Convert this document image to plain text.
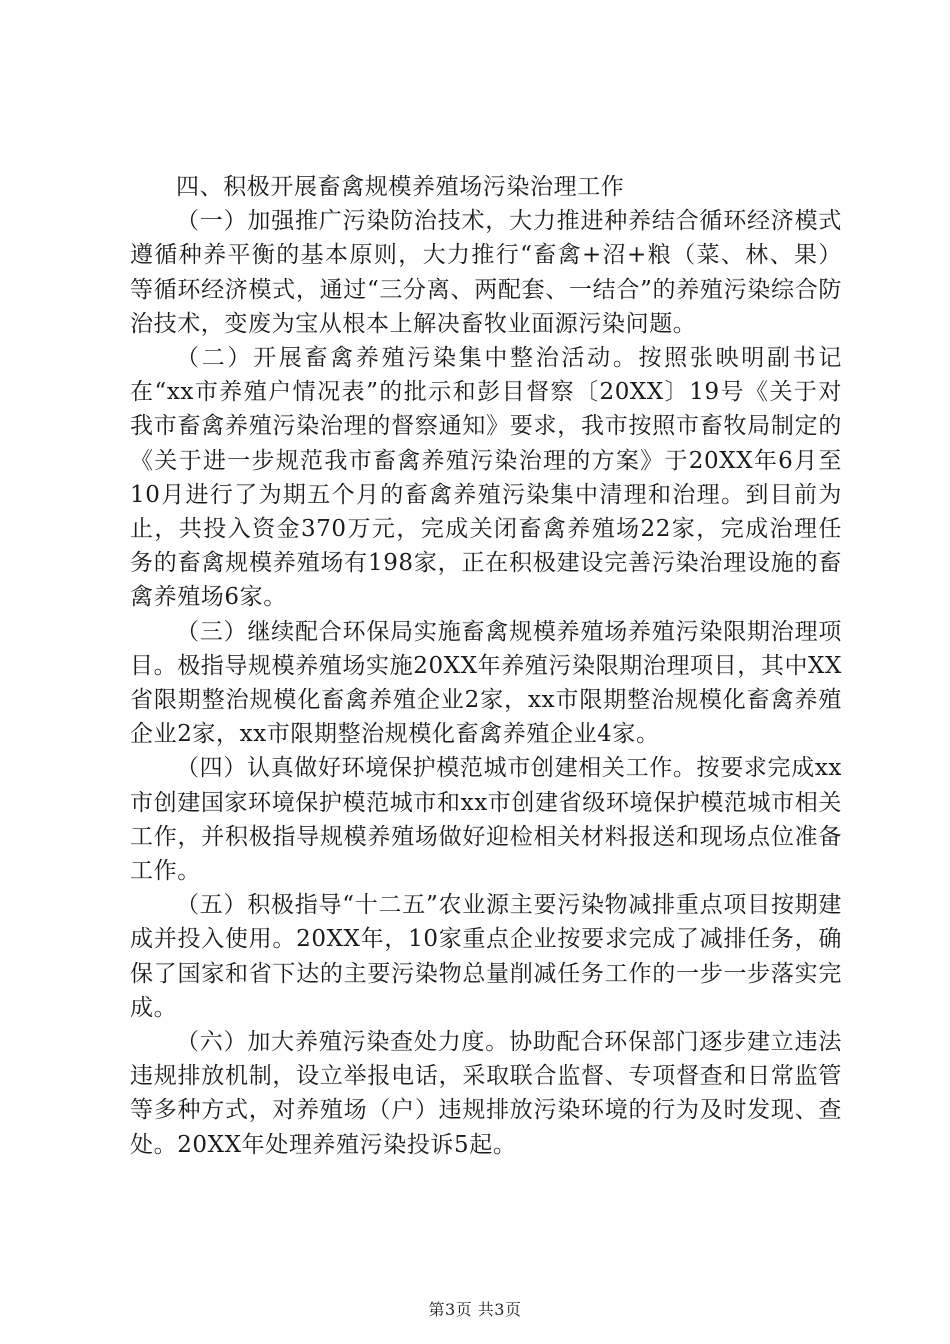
四、积极开展畜禽规模养殖场污染治理工作

（一）加强推广污染防治技术，大力推进种养结合循环经济模式遵循种养平衡的基本原则，大力推行“畜禽+沼+粮（菜、林、果）等循环经济模式，通过“三分离、两配套、一结合”的养殖污染综合防治技术，变废为宝从根本上解决畜牧业面源污染问题。

（二）开展畜禽养殖污染集中整治活动。按照张映明副书记在“xx市养殖户情况表”的批示和彭目督察〔20XX〕19号《关于对我市畜禽养殖污染治理的督察通知》要求，我市按照市畜牧局制定的《关于进一步规范我市畜禽养殖污染治理的方案》于20XX年6月至10月进行了为期五个月的畜禽养殖污染集中清理和治理。到目前为止，共投入资金370万元，完成关闭畜禽养殖场22家，完成治理任务的畜禽规模养殖场有198家，正在积极建设完善污染治理设施的畜禽养殖场6家。

（三）继续配合环保局实施畜禽规模养殖场养殖污染限期治理项目。极指导规模养殖场实施20XX年养殖污染限期治理项目，其中XX省限期整治规模化畜禽养殖企业2家，xx市限期整治规模化畜禽养殖企业2家，xx市限期整治规模化畜禽养殖企业4家。

（四）认真做好环境保护模范城市创建相关工作。按要求完成xx市创建国家环境保护模范城市和xx市创建省级环境保护模范城市相关工作，并积极指导规模养殖场做好迎检相关材料报送和现场点位准备工作。

（五）积极指导“十二五”农业源主要污染物减排重点项目按期建成并投入使用。20XX年，10家重点企业按要求完成了减排任务，确保了国家和省下达的主要污染物总量削减任务工作的一步一步落实完成。

（六）加大养殖污染查处力度。协助配合环保部门逐步建立违法违规排放机制，设立举报电话，采取联合监督、专项督查和日常监管等多种方式，对养殖场（户）违规排放污染环境的行为及时发现、查处。20XX年处理养殖污染投诉5起。

第3页 共3页
